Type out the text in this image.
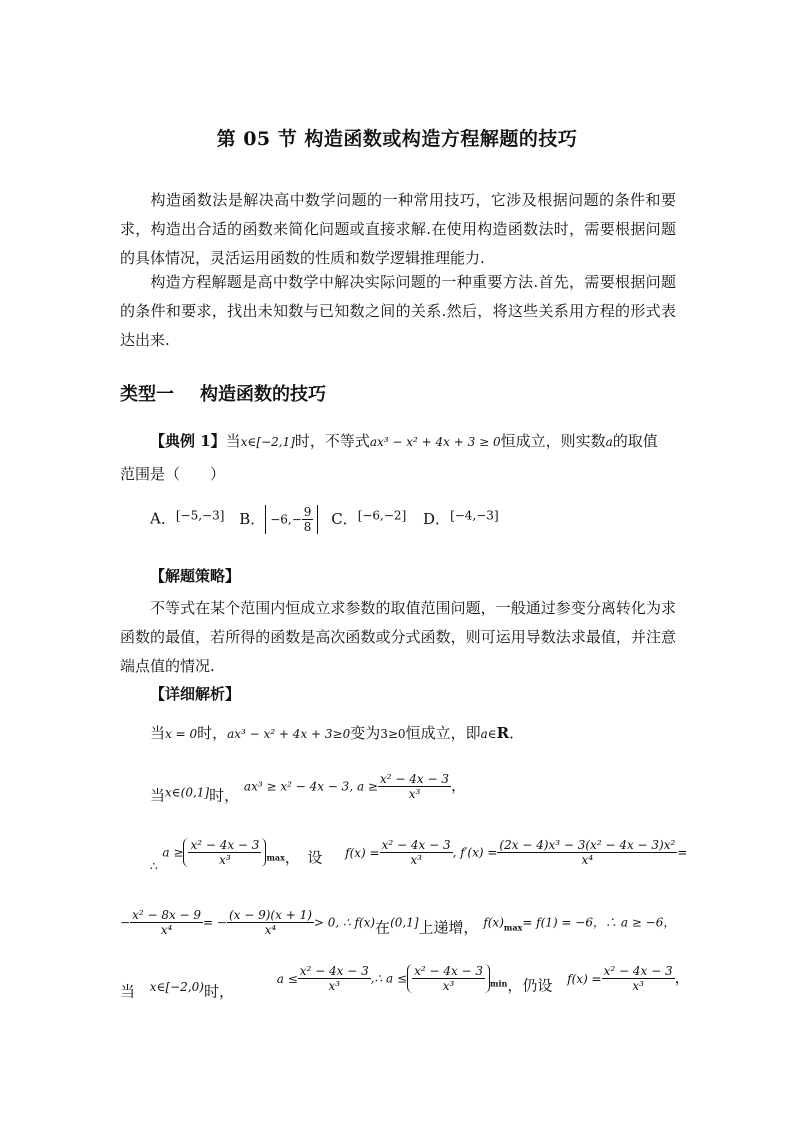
第 05 节 构造函数或构造方程解题的技巧
构造函数法是解决高中数学问题的一种常用技巧，它涉及根据问题的条件和要求，构造出合适的函数来简化问题或直接求解.在使用构造函数法时，需要根据问题的具体情况，灵活运用函数的性质和数学逻辑推理能力.
构造方程解题是高中数学中解决实际问题的一种重要方法.首先，需要根据问题的条件和要求，找出未知数与已知数之间的关系.然后，将这些关系用方程的形式表达出来.
类型一 构造函数的技巧
【典例 1】当x∈[−2,1]时，不等式ax³ − x² + 4x + 3 ≥ 0恒成立，则实数a的取值
范围是（　　）
A．[−5,−3] B． $-6,- \frac{9}{8}$ C．[−6,−2] D．[−4,−3]
【解题策略】
不等式在某个范围内恒成立求参数的取值范围问题，一般通过参变分离转化为求函数的最值，若所得的函数是高次函数或分式函数，则可运用导数法求最值，并注意端点值的情况.
【详细解析】
当x = 0时，ax³ − x² + 4x + 3≥0变为3≥0恒成立，即a∈R．
当$_{x\in(0,1]}$时， ax³ ≥ x² − 4x − 3, $a \ge \frac{\text{x² − 4x − 3}}{\text{x³}}$ ，
$_\therefore$ $a \ge \frac{\text{x² − 4x − 3}}{\text{x³}} _{max}$，　设 $f(x) = \frac{\text{x² − 4x − 3}}{\text{x³}}$ , $f'(x) = \frac{\text{(2x − 4)x³ − 3(x² − 4x − 3)x²}}{\text{x⁴}}$ =
− $\frac{\text{x² − 8x − 9}}{\text{x⁴}}$ = − $\frac{(x - 9)(x + 1)}{\text{x⁴}} > 0$, ∴ f(x)在(0,1]上递增， $f(x)_{max}= f(1) = -6$，∴ a ≥ −6，
当 $_{x\in[-2,0)}$时， $a \le \frac{\text{x² − 4x − 3}}{\text{x³}}$ ,∴ $a \le \frac{\text{x² − 4x − 3}}{\text{x³}} _{min}$，仍设 $f(x) = \frac{\text{x² − 4x − 3}}{\text{x³}}$ ，
